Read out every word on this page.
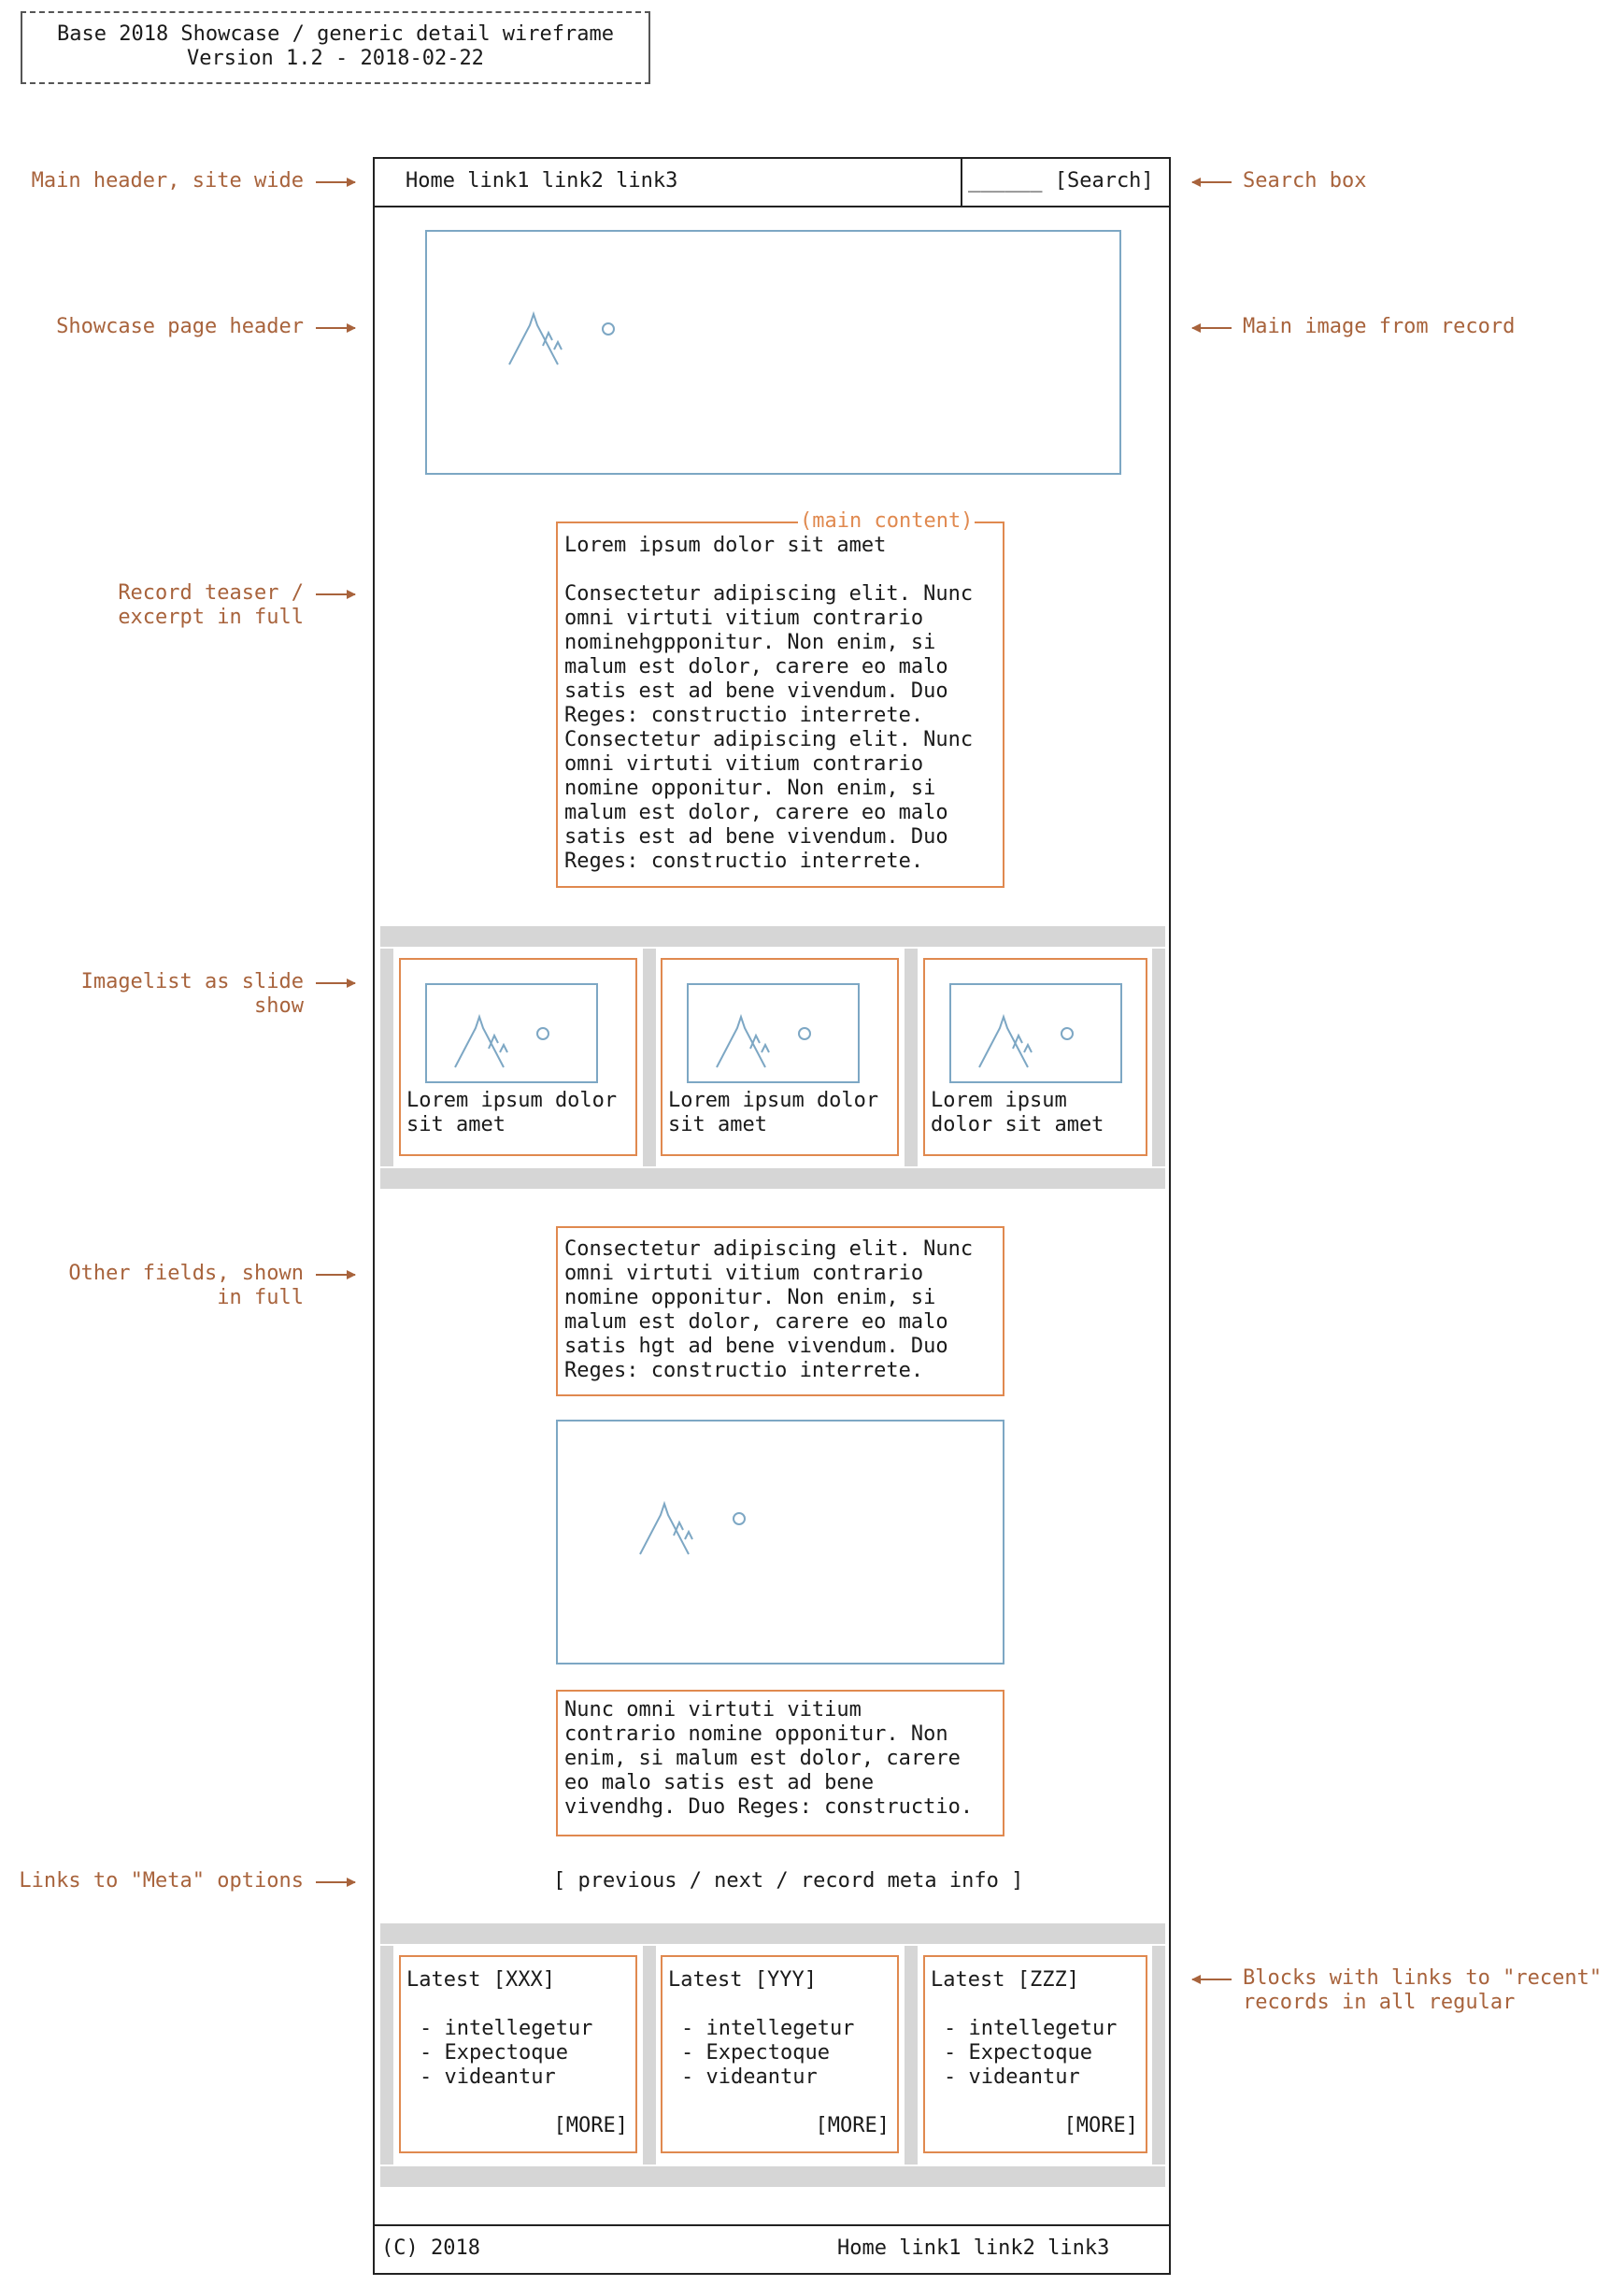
Base 2018 Showcase / generic detail wireframe
Version 1.2 - 2018-02-22
Home link1 link2 link3	______ [Search]
Main header, site wide
Showcase page header
Record teaser /
excerpt in full
Imagelist as slide
show
Other fields, shown
in full
Links to "Meta" options
Search box
Main image from record
Blocks with links to "recent"
records in all regular
(main content)
Lorem ipsum dolor sit amet
Consectetur adipiscing elit. Nunc
omni virtuti vitium contrario
nominehgpponitur. Non enim, si
malum est dolor, carere eo malo
satis est ad bene vivendum. Duo
Reges: constructio interrete.
Consectetur adipiscing elit. Nunc
omni virtuti vitium contrario
nomine opponitur. Non enim, si
malum est dolor, carere eo malo
satis est ad bene vivendum. Duo
Reges: constructio interrete.
Lorem ipsum dolor
sit amet
Lorem ipsum dolor
sit amet
Lorem ipsum
dolor sit amet
Consectetur adipiscing elit. Nunc
omni virtuti vitium contrario
nomine opponitur. Non enim, si
malum est dolor, carere eo malo
satis hgt ad bene vivendum. Duo
Reges: constructio interrete.
Nunc omni virtuti vitium
contrario nomine opponitur. Non
enim, si malum est dolor, carere
eo malo satis est ad bene
vivendhg. Duo Reges: constructio.
[ previous / next / record meta info ]
Latest [XXX]
- intellegetur
- Expectoque
- videantur
[MORE]
Latest [YYY]
- intellegetur
- Expectoque
- videantur
[MORE]
Latest [ZZZ]
- intellegetur
- Expectoque
- videantur
[MORE]
(C) 2018	Home link1 link2 link3
